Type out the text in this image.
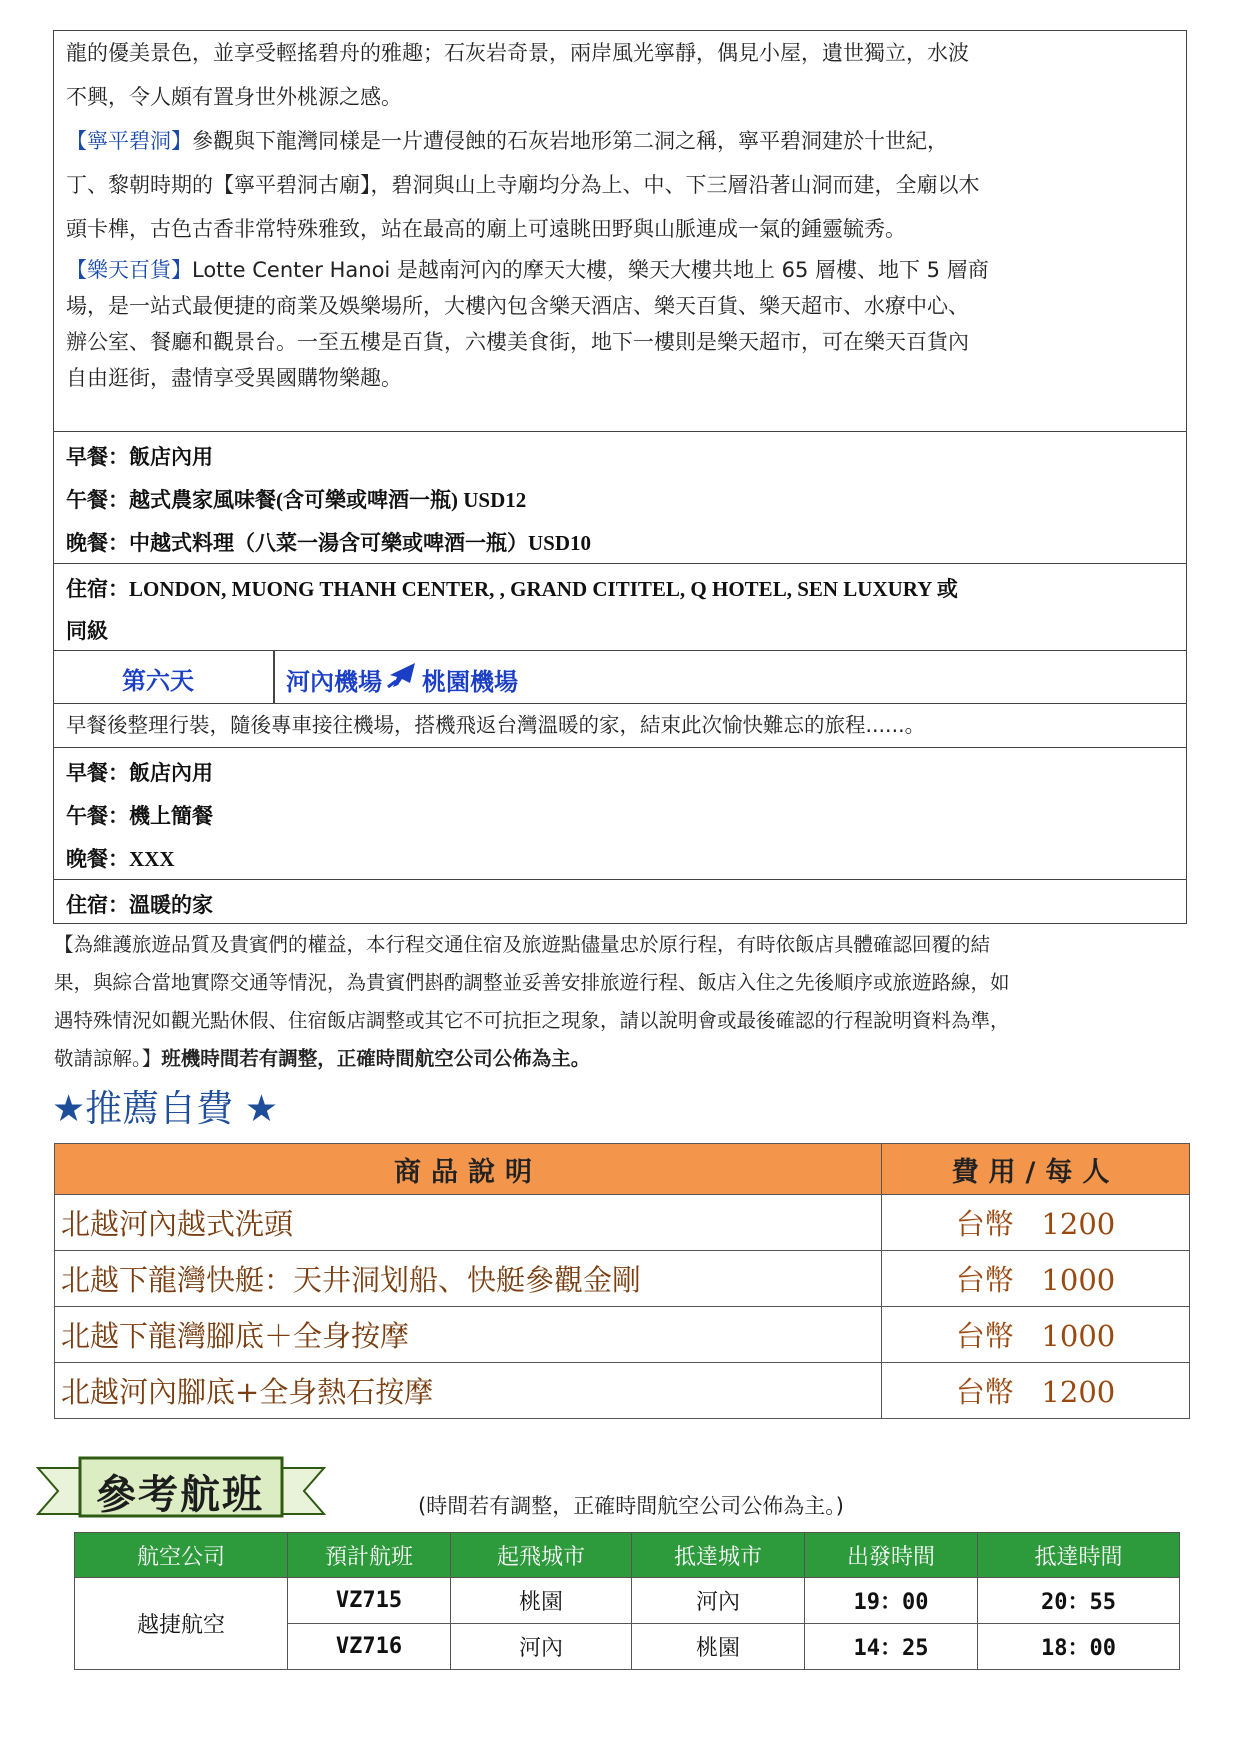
龍的優美景色，並享受輕搖碧舟的雅趣；石灰岩奇景，兩岸風光寧靜，偶見小屋，遺世獨立，水波
不興，令人頗有置身世外桃源之感。
【寧平碧洞】參觀與下龍灣同樣是一片遭侵蝕的石灰岩地形第二洞之稱，寧平碧洞建於十世紀，
丁、黎朝時期的【寧平碧洞古廟】，碧洞與山上寺廟均分為上、中、下三層沿著山洞而建，全廟以木
頭卡榫，古色古香非常特殊雅致，站在最高的廟上可遠眺田野與山脈連成一氣的鍾靈毓秀。
【樂天百貨】Lotte Center Hanoi 是越南河內的摩天大樓，樂天大樓共地上 65 層樓、地下 5 層商
場，是一站式最便捷的商業及娛樂場所，大樓內包含樂天酒店、樂天百貨、樂天超市、水療中心、
辦公室、餐廳和觀景台。一至五樓是百貨，六樓美食街，地下一樓則是樂天超市，可在樂天百貨內
自由逛街，盡情享受異國購物樂趣。
早餐：飯店內用
午餐：越式農家風味餐(含可樂或啤酒一瓶) USD12
晚餐：中越式料理（八菜一湯含可樂或啤酒一瓶）USD10
住宿：LONDON, MUONG THANH CENTER, , GRAND CITITEL, Q HOTEL, SEN LUXURY 或
同級
第六天	河內機場 桃園機場
早餐後整理行裝，隨後專車接往機場，搭機飛返台灣溫暖的家，結束此次愉快難忘的旅程......。
早餐：飯店內用
午餐：機上簡餐
晚餐：XXX
住宿：溫暖的家
【為維護旅遊品質及貴賓們的權益，本行程交通住宿及旅遊點儘量忠於原行程，有時依飯店具體確認回覆的結
果，與綜合當地實際交通等情況，為貴賓們斟酌調整並妥善安排旅遊行程、飯店入住之先後順序或旅遊路線，如
遇特殊情況如觀光點休假、住宿飯店調整或其它不可抗拒之現象，請以說明會或最後確認的行程說明資料為準，
敬請諒解。】班機時間若有調整，正確時間航空公司公佈為主。
★推薦自費 ★
商品說明	費用/每人
北越河內越式洗頭	台幣 1200
北越下龍灣快艇：天井洞划船、快艇參觀金剛	台幣 1000
北越下龍灣腳底＋全身按摩	台幣 1000
北越河內腳底+全身熱石按摩	台幣 1200
參考航班	(時間若有調整，正確時間航空公司公佈為主。)
航空公司	預計航班	起飛城市	抵達城市	出發時間	抵達時間
越捷航空	VZ715	桃園	河內	19：00	20：55
	VZ716	河內	桃園	14：25	18：00
